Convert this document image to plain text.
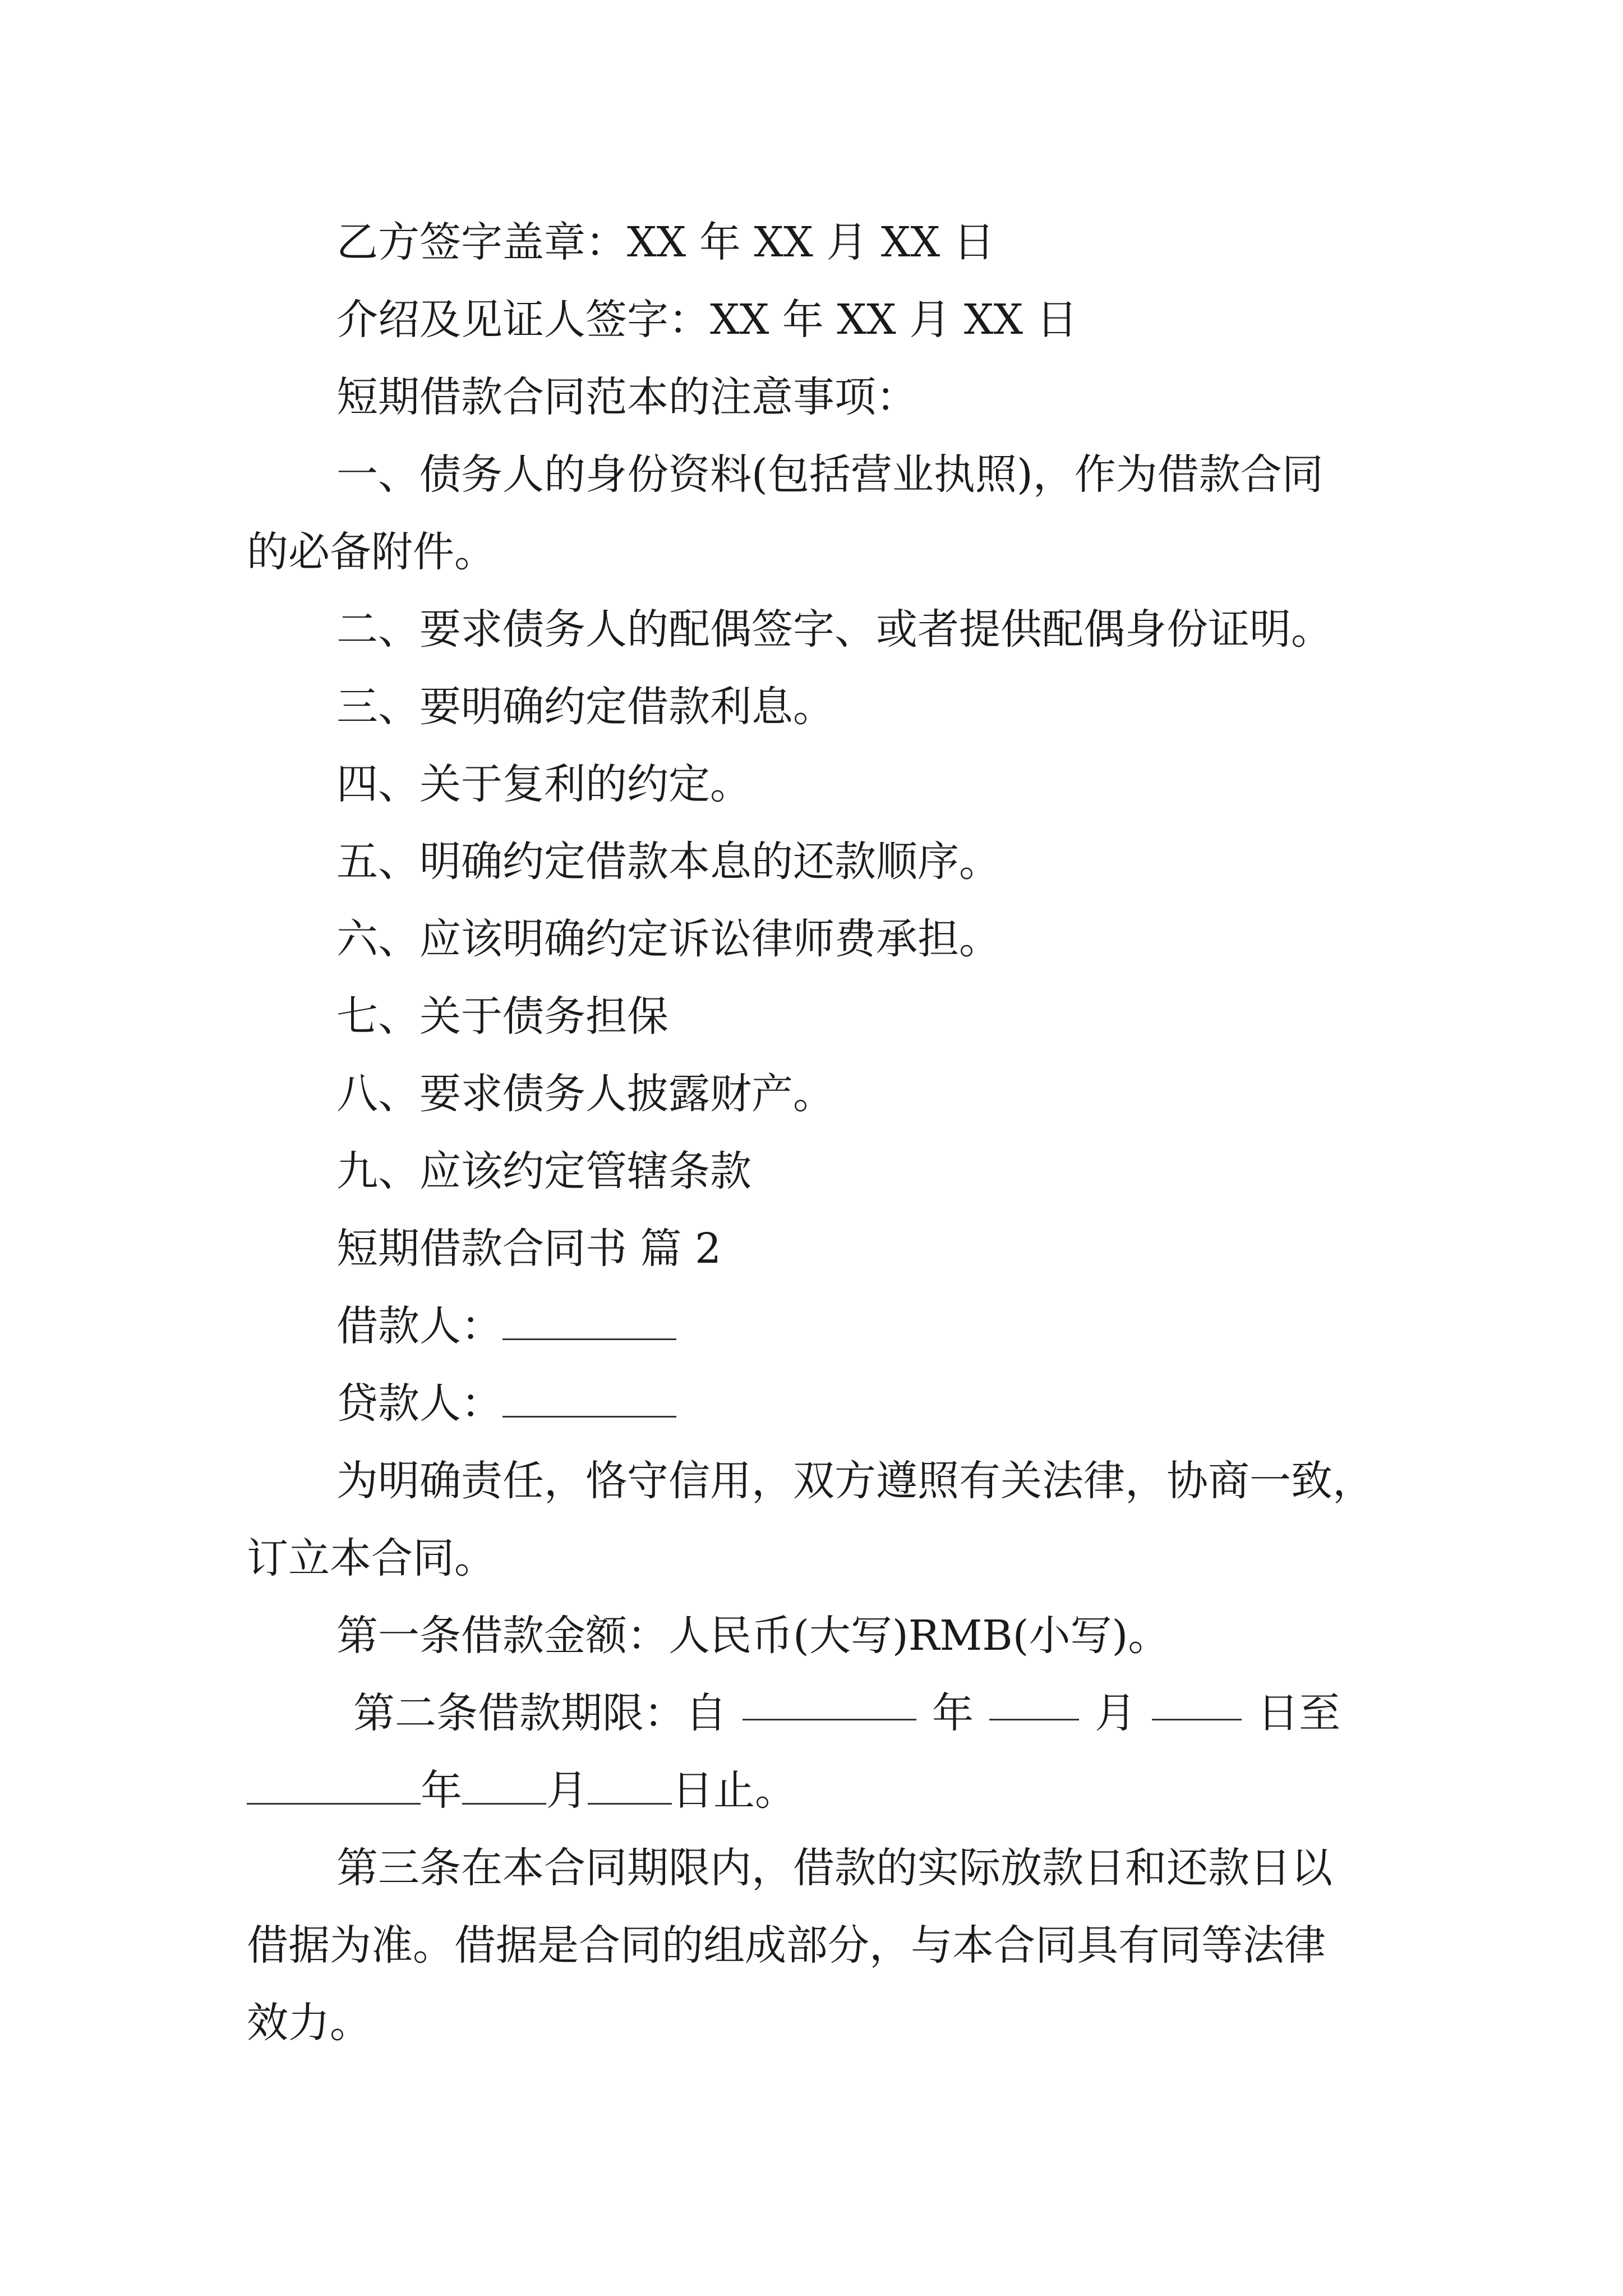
乙方签字盖章：XX 年 XX 月 XX 日
介绍及见证人签字：XX 年 XX 月 XX 日
短期借款合同范本的注意事项：
一、债务人的身份资料(包括营业执照)，作为借款合同
的必备附件。
二、要求债务人的配偶签字、或者提供配偶身份证明。
三、要明确约定借款利息。
四、关于复利的约定。
五、明确约定借款本息的还款顺序。
六、应该明确约定诉讼律师费承担。
七、关于债务担保
八、要求债务人披露财产。
九、应该约定管辖条款
短期借款合同书 篇 2
借款人：
贷款人：
为明确责任，恪守信用，双方遵照有关法律，协商一致，
订立本合同。
第一条借款金额：人民币(大写)RMB(小写)。
第二条借款期限：自	年	月	日至
年 月 日止。
第三条在本合同期限内，借款的实际放款日和还款日以
借据为准。借据是合同的组成部分，与本合同具有同等法律
效力。
